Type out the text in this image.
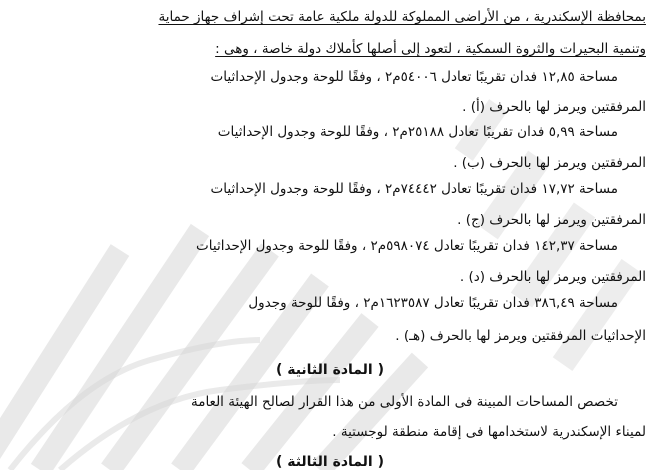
بمحافظة الإسكندرية ، من الأراضى المملوكة للدولة ملكية عامة تحت إشراف جهاز حماية
وتنمية البحيرات والثروة السمكية ، لتعود إلى أصلها كأملاك دولة خاصة ، وهى :
مساحة ١٢,٨٥ فدان تقريبًا تعادل ٥٤٠٠٦م٢ ، وفقًا للوحة وجدول الإحداثيات
المرفقتين ويرمز لها بالحرف (أ) .
مساحة ٥,٩٩ فدان تقريبًا تعادل ٢٥١٨٨م٢ ، وفقًا للوحة وجدول الإحداثيات
المرفقتين ويرمز لها بالحرف (ب) .
مساحة ١٧,٧٢ فدان تقريبًا تعادل ٧٤٤٤٢م٢ ، وفقًا للوحة وجدول الإحداثيات
المرفقتين ويرمز لها بالحرف (ج) .
مساحة ١٤٢,٣٧ فدان تقريبًا تعادل ٥٩٨٠٧٤م٢ ، وفقًا للوحة وجدول الإحداثيات
المرفقتين ويرمز لها بالحرف (د) .
مساحة ٣٨٦,٤٩ فدان تقريبًا تعادل ١٦٢٣٥٨٧م٢ ، وفقًا للوحة وجدول
الإحداثيات المرفقتين ويرمز لها بالحرف (هـ) .
( المادة الثانية )
تخصص المساحات المبينة فى المادة الأولى من هذا القرار لصالح الهيئة العامة
لميناء الإسكندرية لاستخدامها فى إقامة منطقة لوجستية .
( المادة الثالثة )
